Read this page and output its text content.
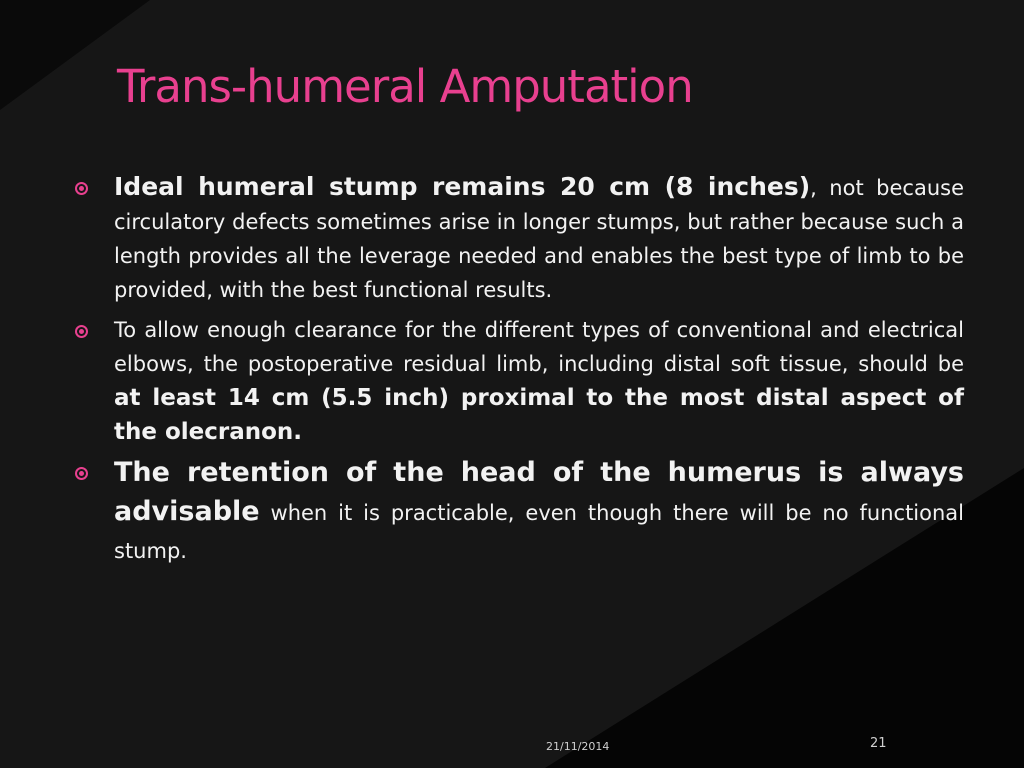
Trans-humeral Amputation
Ideal humeral stump remains 20 cm (8 inches), not because circulatory defects sometimes arise in longer stumps, but rather because such a length provides all the leverage needed and enables the best type of limb to be provided, with the best functional results.
To allow enough clearance for the different types of conventional and electrical elbows, the postoperative residual limb, including distal soft tissue, should be at least 14 cm (5.5 inch) proximal to the most distal aspect of the olecranon.
The retention of the head of the humerus is always advisable when it is practicable, even though there will be no functional stump.
21/11/2014	21
